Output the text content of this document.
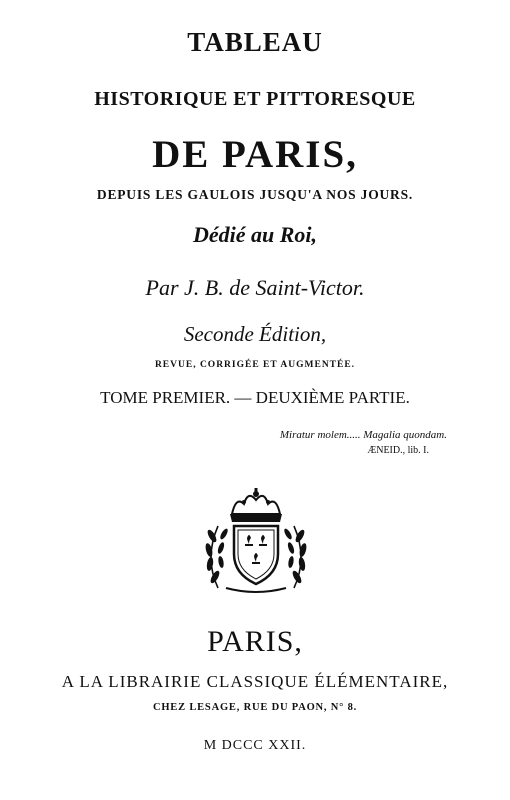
TABLEAU
HISTORIQUE ET PITTORESQUE
DE PARIS,
DEPUIS LES GAULOIS JUSQU'A NOS JOURS.
Dédié au Roi,
Par J. B. de Saint-Victor.
Seconde Édition,
REVUE, CORRIGÉE ET AUGMENTÉE.
TOME PREMIER. — DEUXIÈME PARTIE.
Miratur molem..... Magalia quondam.
ÆNEID., lib. I.
PARIS,
A LA LIBRAIRIE CLASSIQUE ÉLÉMENTAIRE,
CHEZ LESAGE, RUE DU PAON, N° 8.
M DCCC XXII.
